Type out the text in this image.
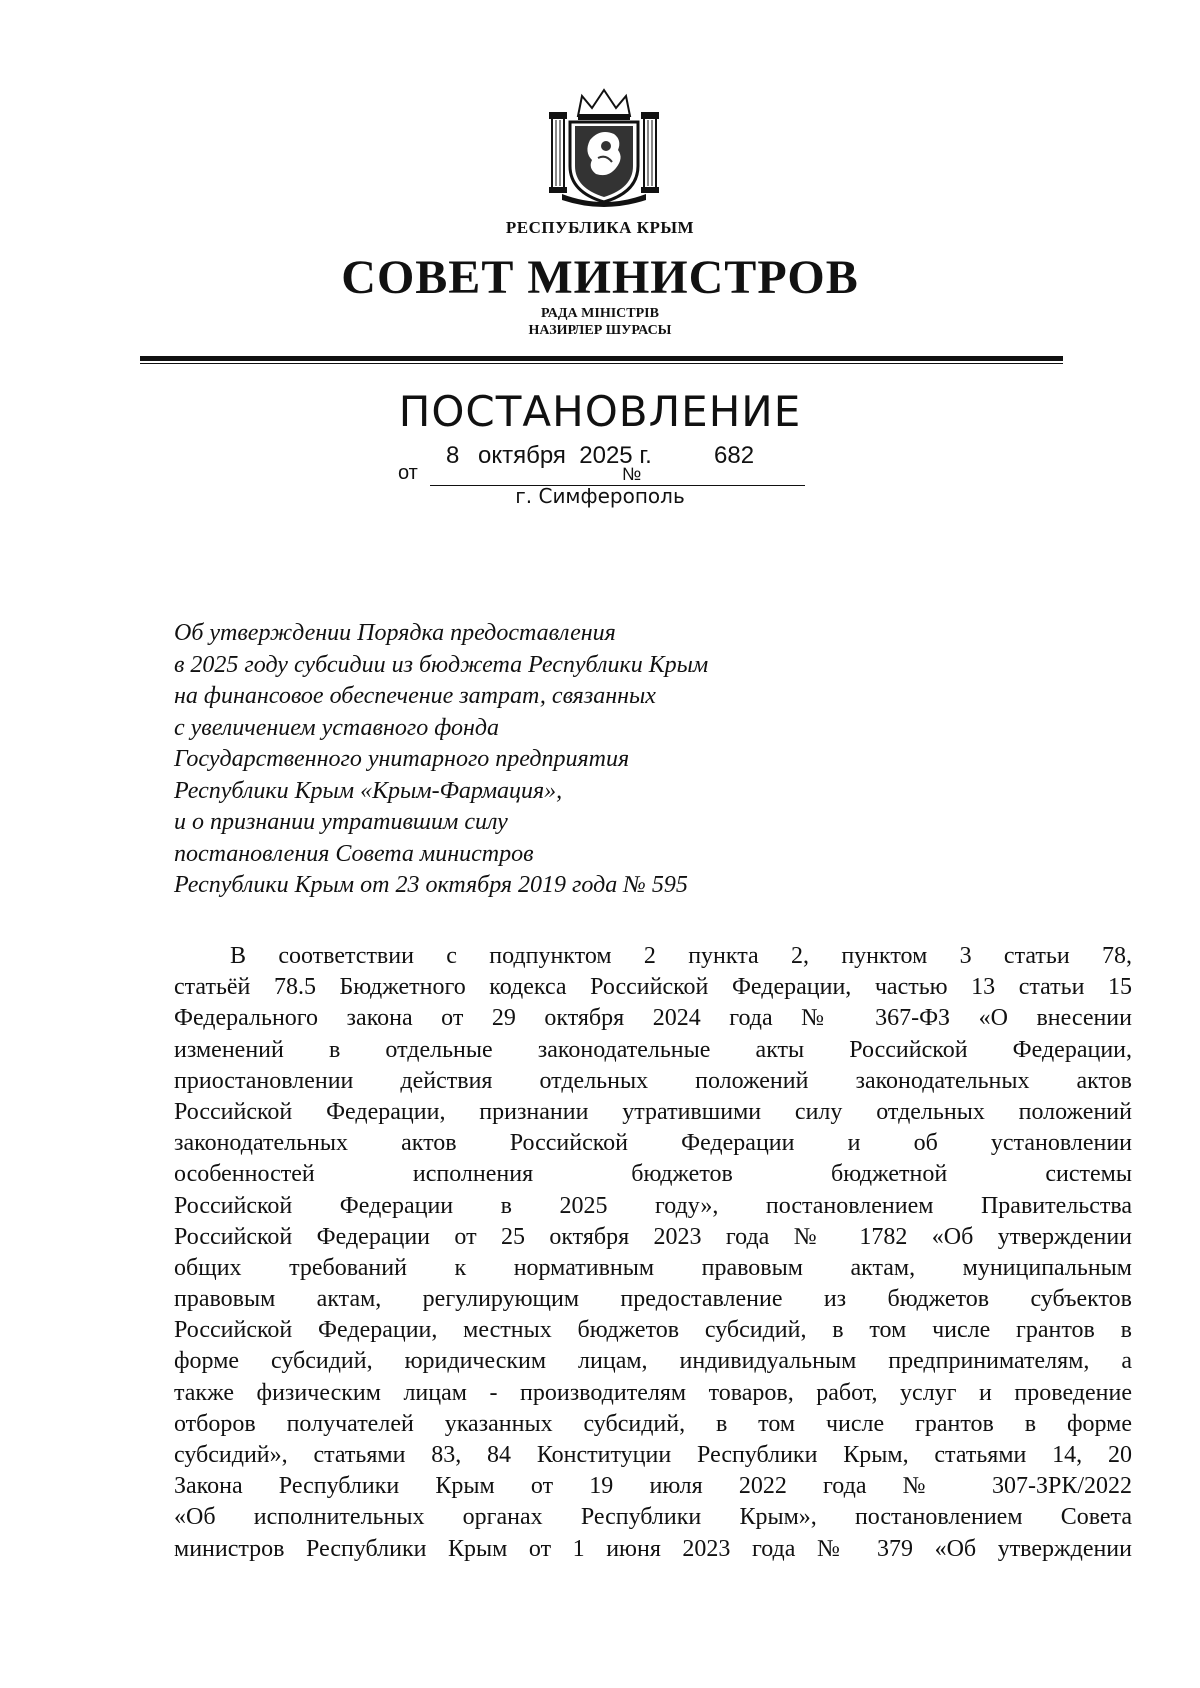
РЕСПУБЛИКА КРЫМ
СОВЕТ МИНИСТРОВ
РАДА МІНІСТРІВ
НАЗИРЛЕР ШУРАСЫ
ПОСТАНОВЛЕНИЕ
от
8 октября  2025 г.
№
682
г. Симферополь
Об утверждении Порядка предоставления
в 2025 году субсидии из бюджета Республики Крым
на финансовое обеспечение затрат, связанных
с увеличением уставного фонда
Государственного унитарного предприятия
Республики Крым «Крым-Фармация»,
и о признании утратившим силу
постановления Совета министров
Республики Крым от 23 октября 2019 года № 595
В соответствии с подпунктом 2 пункта 2, пунктом 3 статьи 78,
статьёй 78.5 Бюджетного кодекса Российской Федерации, частью 13 статьи 15
Федерального закона от 29 октября 2024 года № 367-ФЗ «О внесении
изменений в отдельные законодательные акты Российской Федерации,
приостановлении действия отдельных положений законодательных актов
Российской Федерации, признании утратившими силу отдельных положений
законодательных актов Российской Федерации и об установлении
особенностей исполнения бюджетов бюджетной системы
Российской Федерации в 2025 году», постановлением Правительства
Российской Федерации от 25 октября 2023 года № 1782 «Об утверждении
общих требований к нормативным правовым актам, муниципальным
правовым актам, регулирующим предоставление из бюджетов субъектов
Российской Федерации, местных бюджетов субсидий, в том числе грантов в
форме субсидий, юридическим лицам, индивидуальным предпринимателям, а
также физическим лицам - производителям товаров, работ, услуг и проведение
отборов получателей указанных субсидий, в том числе грантов в форме
субсидий», статьями 83, 84 Конституции Республики Крым, статьями 14, 20
Закона Республики Крым от 19 июля 2022 года № 307-ЗРК/2022
«Об исполнительных органах Республики Крым», постановлением Совета
министров Республики Крым от 1 июня 2023 года № 379 «Об утверждении
